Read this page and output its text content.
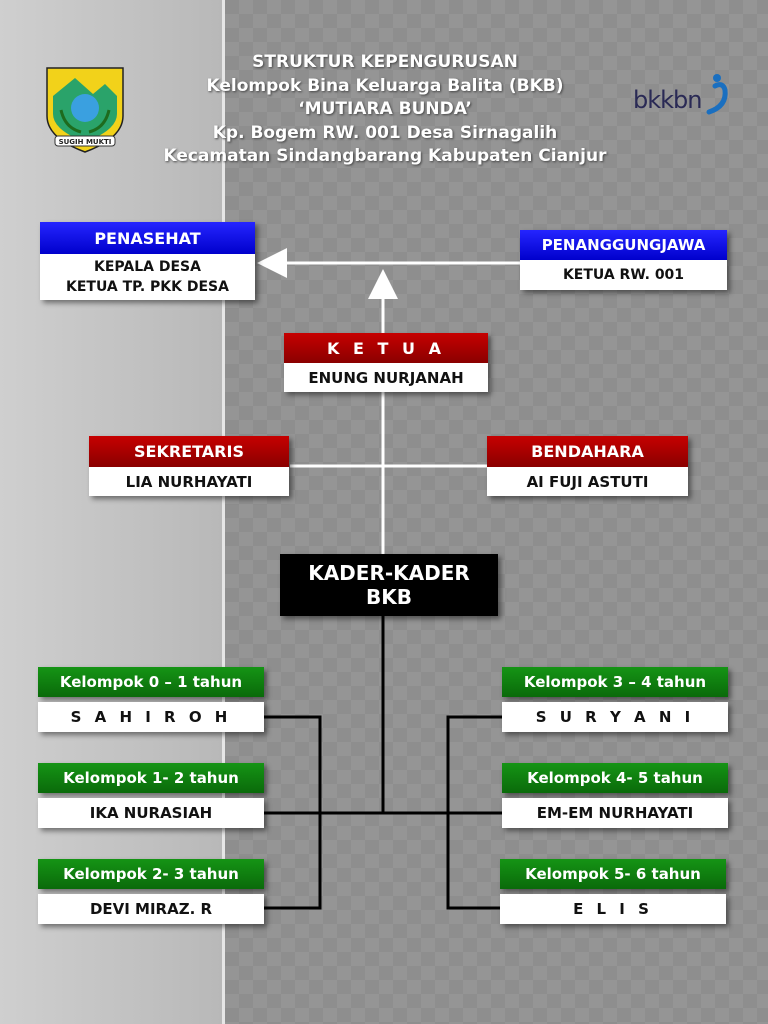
STRUKTUR KEPENGURUSAN
Kelompok Bina Keluarga Balita (BKB)
‘MUTIARA BUNDA’
Kp. Bogem RW. 001 Desa Sirnagalih
Kecamatan Sindangbarang Kabupaten Cianjur
SUGIH MUKTI
bkkbn
PENASEHAT
KEPALA DESA
KETUA TP. PKK DESA
PENANGGUNGJAWA
KETUA RW. 001
K E T U A
ENUNG NURJANAH
SEKRETARIS
LIA NURHAYATI
BENDAHARA
AI FUJI ASTUTI
KADER-KADER
BKB
Kelompok 0 – 1 tahun
S A H I R O H
Kelompok 1- 2 tahun
IKA NURASIAH
Kelompok 2- 3 tahun
DEVI MIRAZ. R
Kelompok 3 – 4 tahun
S U R Y A N I
Kelompok 4- 5 tahun
EM-EM NURHAYATI
Kelompok 5- 6 tahun
E L I S
